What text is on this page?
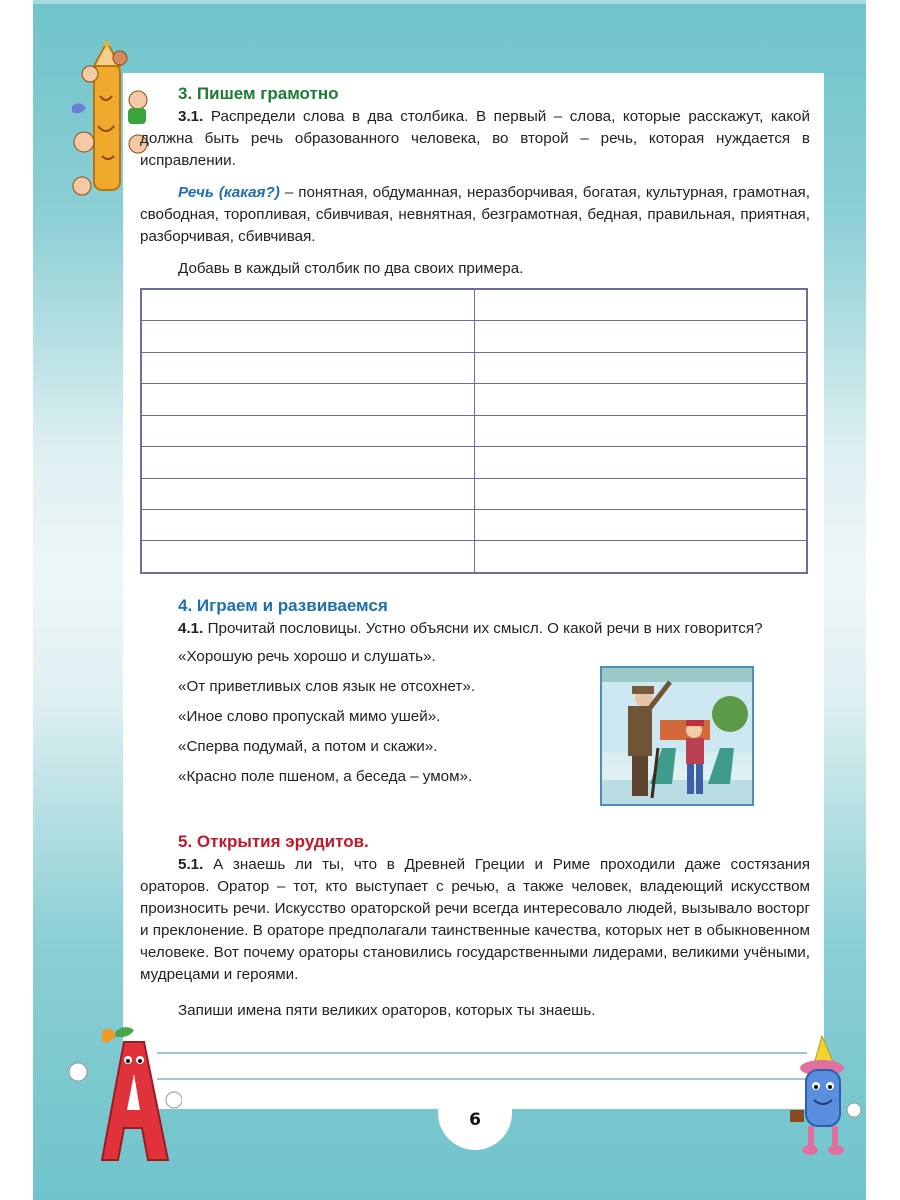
6
3. Пишем грамотно

3.1. Распредели слова в два столбика. В первый – слова, которые расскажут, какой должна быть речь образованного человека, во второй – речь, которая нуждается в исправлении.

Речь (какая?) – понятная, обдуманная, неразборчивая, богатая, культурная, грамотная, свободная, торопливая, сбивчивая, невнятная, безграмотная, бедная, правильная, приятная, разборчивая, сбивчивая.

Добавь в каждый столбик по два своих примера.

4. Играем и развиваемся

4.1. Прочитай пословицы. Устно объясни их смысл. О какой речи в них говорится?

«Хорошую речь хорошо и слушать».
«От приветливых слов язык не отсохнет».
«Иное слово пропускай мимо ушей».
«Сперва подумай, а потом и скажи».
«Красно поле пшеном, а беседа – умом».
5. Открытия эрудитов.

5.1. А знаешь ли ты, что в Древней Греции и Риме проходили даже состязания ораторов. Оратор – тот, кто выступает с речью, а также человек, владеющий искусством произносить речи. Искусство ораторской речи всегда интересовало людей, вызывало восторг и преклонение. В ораторе предполагали таинственные качества, которых нет в обыкновенном человеке. Вот почему ораторы становились государственными лидерами, великими учёными, мудрецами и героями.

Запиши имена пяти великих ораторов, которых ты знаешь.
